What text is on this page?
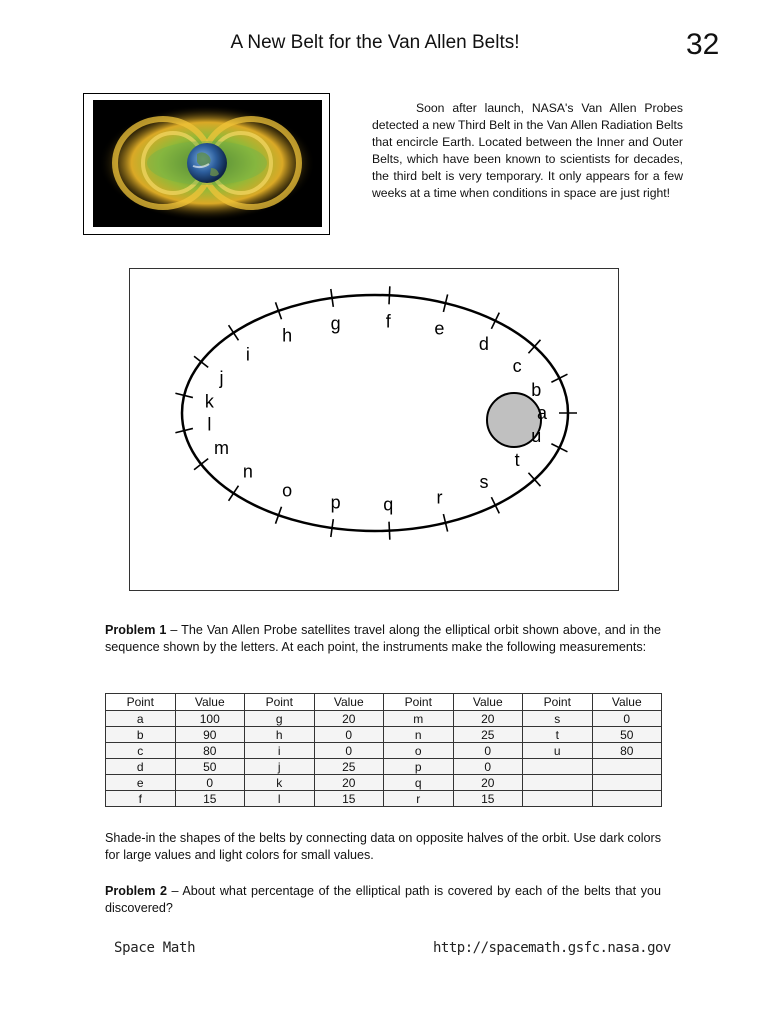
A New Belt for the Van Allen Belts!	32
Soon after launch, NASA's Van Allen Probes detected a new Third Belt in the Van Allen Radiation Belts that encircle Earth. Located between the Inner and Outer Belts, which have been known to scientists for decades, the third belt is very temporary. It only appears for a few weeks at a time when conditions in space are just right!
a
b
c
d
e
f
g
h
i
j
k
l
m
n
o
p q r
s
t
u
Problem 1 – The Van Allen Probe satellites travel along the elliptical orbit shown above, and in the sequence shown by the letters. At each point, the instruments make the following measurements:
Point	Value	Point	Value	Point	Value	Point	Value
a	100	g	20	m	20	s	0
b	90	h	0	n	25	t	50
c	80	i	0	o	0	u	80
d	50	j	25	p	0		
e	0	k	20	q	20		
f	15	l	15	r	15		
Shade-in the shapes of the belts by connecting data on opposite halves of the orbit. Use dark colors for large values and light colors for small values.
Problem 2 – About what percentage of the elliptical path is covered by each of the belts that you discovered?
Space Math	http://spacemath.gsfc.nasa.gov
